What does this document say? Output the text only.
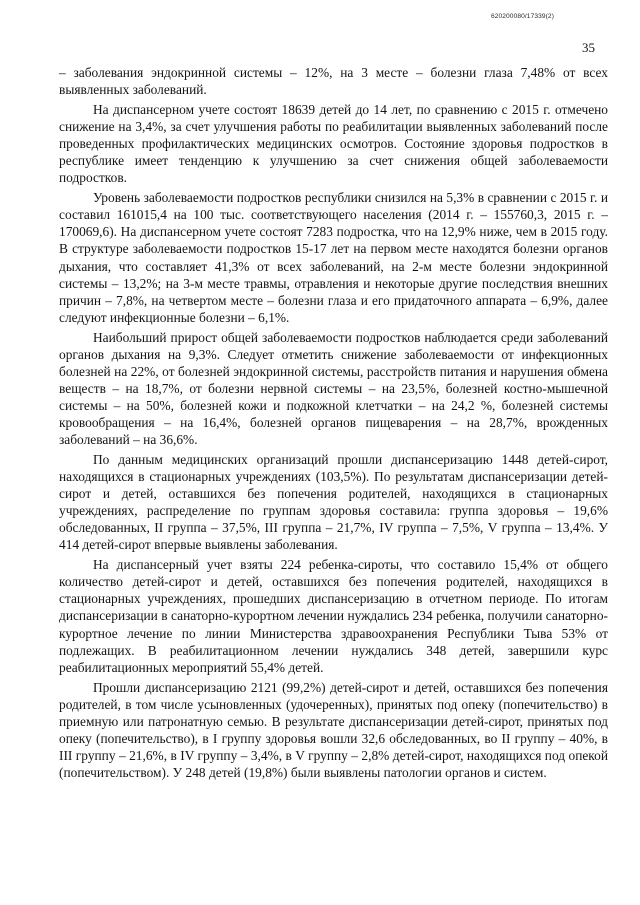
620200080/17339(2)
35

– заболевания эндокринной системы – 12%, на 3 месте – болезни глаза 7,48% от всех выявленных заболеваний.

На диспансерном учете состоят 18639 детей до 14 лет, по сравнению с 2015 г. отмечено снижение на 3,4%, за счет улучшения работы по реабилитации выявленных заболеваний после проведенных профилактических медицинских осмотров. Состояние здоровья подростков в республике имеет тенденцию к улучшению за счет снижения общей заболеваемости подростков.

Уровень заболеваемости подростков республики снизился на 5,3% в сравнении с 2015 г. и составил 161015,4 на 100 тыс. соответствующего населения (2014 г. – 155760,3, 2015 г. – 170069,6). На диспансерном учете состоят 7283 подростка, что на 12,9% ниже, чем в 2015 году. В структуре заболеваемости подростков 15-17 лет на первом месте находятся болезни органов дыхания, что составляет 41,3% от всех заболеваний, на 2-м месте болезни эндокринной системы – 13,2%; на 3-м месте травмы, отравления и некоторые другие последствия внешних причин – 7,8%, на четвертом месте – болезни глаза и его придаточного аппарата – 6,9%, далее следуют инфекционные болезни – 6,1%.

Наибольший прирост общей заболеваемости подростков наблюдается среди заболеваний органов дыхания на 9,3%. Следует отметить снижение заболеваемости от инфекционных болезней на 22%, от болезней эндокринной системы, расстройств питания и нарушения обмена веществ – на 18,7%, от болезни нервной системы – на 23,5%, болезней костно-мышечной системы – на 50%, болезней кожи и подкожной клетчатки – на 24,2 %, болезней системы кровообращения – на 16,4%, болезней органов пищеварения – на 28,7%, врожденных заболеваний – на 36,6%.

По данным медицинских организаций прошли диспансеризацию 1448 детей-сирот, находящихся в стационарных учреждениях (103,5%). По результатам диспансеризации детей-сирот и детей, оставшихся без попечения родителей, находящихся в стационарных учреждениях, распределение по группам здоровья составила: группа здоровья – 19,6% обследованных, II группа – 37,5%, III группа – 21,7%, IV группа – 7,5%, V группа – 13,4%. У 414 детей-сирот впервые выявлены заболевания.

На диспансерный учет взяты 224 ребенка-сироты, что составило 15,4% от общего количество детей-сирот и детей, оставшихся без попечения родителей, находящихся в стационарных учреждениях, прошедших диспансеризацию в отчетном периоде. По итогам диспансеризации в санаторно-курортном лечении нуждались 234 ребенка, получили санаторно-курортное лечение по линии Министерства здравоохранения Республики Тыва 53% от подлежащих. В реабилитационном лечении нуждались 348 детей, завершили курс реабилитационных мероприятий 55,4% детей.

Прошли диспансеризацию 2121 (99,2%) детей-сирот и детей, оставшихся без попечения родителей, в том числе усыновленных (удочеренных), принятых под опеку (попечительство) в приемную или патронатную семью. В результате диспансеризации детей-сирот, принятых под опеку (попечительство), в I группу здоровья вошли 32,6 обследованных, во II группу – 40%, в III группу – 21,6%, в IV группу – 3,4%, в V группу – 2,8% детей-сирот, находящихся под опекой (попечительством). У 248 детей (19,8%) были выявлены патологии органов и систем.
